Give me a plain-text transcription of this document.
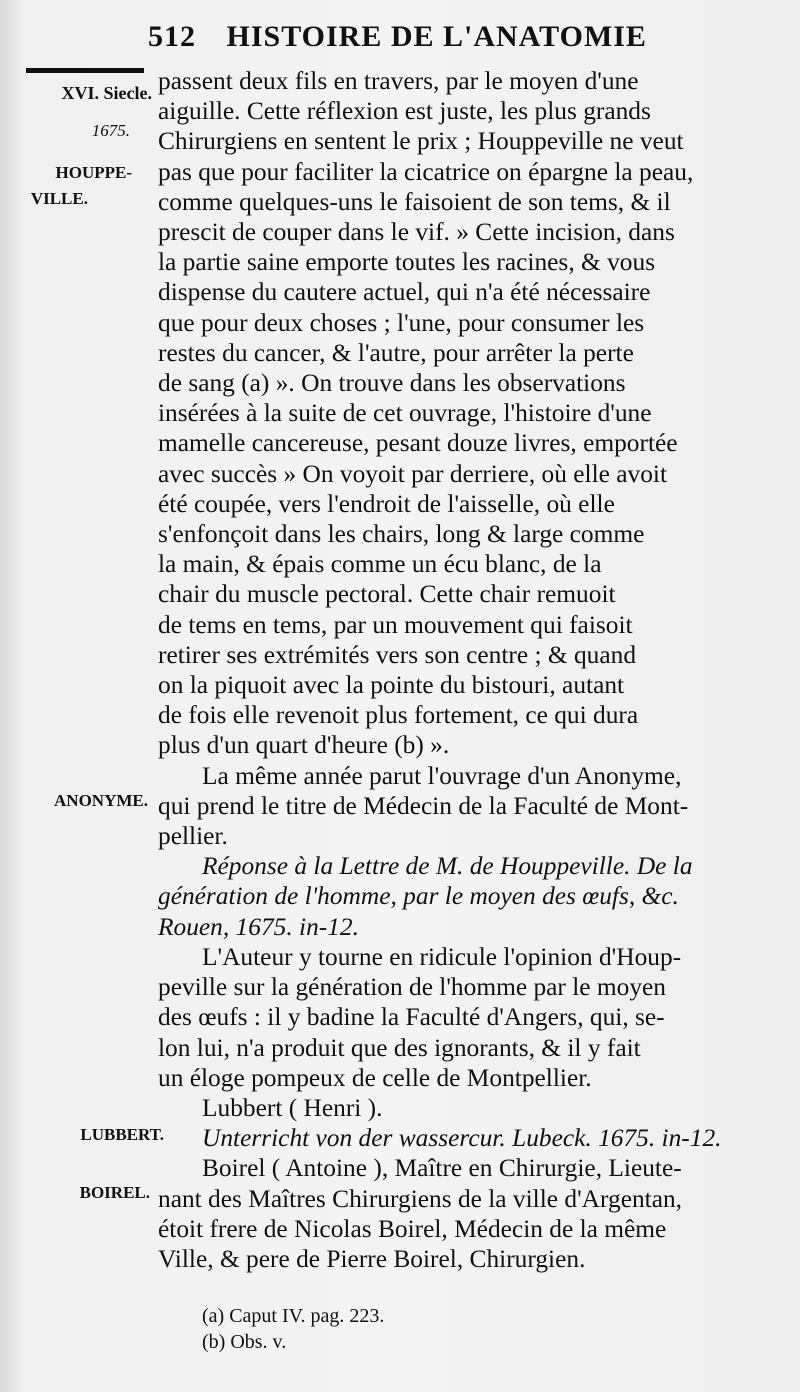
512 HISTOIRE DE L'ANATOMIE
XVI. Siecle.
1675.
HOUPPE-
VILLE.
ANONYME.
LUBBERT.
BOIREL.
passent deux fils en travers, par le moyen d'une
aiguille. Cette réflexion est juste, les plus grands
Chirurgiens en sentent le prix ; Houppeville ne veut
pas que pour faciliter la cicatrice on épargne la peau,
comme quelques-uns le faisoient de son tems, & il
prescit de couper dans le vif. » Cette incision, dans
la partie saine emporte toutes les racines, & vous
dispense du cautere actuel, qui n'a été nécessaire
que pour deux choses ; l'une, pour consumer les
restes du cancer, & l'autre, pour arrêter la perte
de sang (a) ». On trouve dans les observations
insérées à la suite de cet ouvrage, l'histoire d'une
mamelle cancereuse, pesant douze livres, emportée
avec succès » On voyoit par derriere, où elle avoit
été coupée, vers l'endroit de l'aisselle, où elle
s'enfonçoit dans les chairs, long & large comme
la main, & épais comme un écu blanc, de la
chair du muscle pectoral. Cette chair remuoit
de tems en tems, par un mouvement qui faisoit
retirer ses extrémités vers son centre ; & quand
on la piquoit avec la pointe du bistouri, autant
de fois elle revenoit plus fortement, ce qui dura
plus d'un quart d'heure (b) ».
La même année parut l'ouvrage d'un Anonyme,
qui prend le titre de Médecin de la Faculté de Mont-
pellier.
Réponse à la Lettre de M. de Houppeville. De la
génération de l'homme, par le moyen des œufs, &c.
Rouen, 1675. in-12.
L'Auteur y tourne en ridicule l'opinion d'Houp-
peville sur la génération de l'homme par le moyen
des œufs : il y badine la Faculté d'Angers, qui, se-
lon lui, n'a produit que des ignorants, & il y fait
un éloge pompeux de celle de Montpellier.
Lubbert ( Henri ).
Unterricht von der wassercur. Lubeck. 1675. in-12.
Boirel ( Antoine ), Maître en Chirurgie, Lieute-
nant des Maîtres Chirurgiens de la ville d'Argentan,
étoit frere de Nicolas Boirel, Médecin de la même
Ville, & pere de Pierre Boirel, Chirurgien.
(a) Caput IV. pag. 223.
(b) Obs. v.
